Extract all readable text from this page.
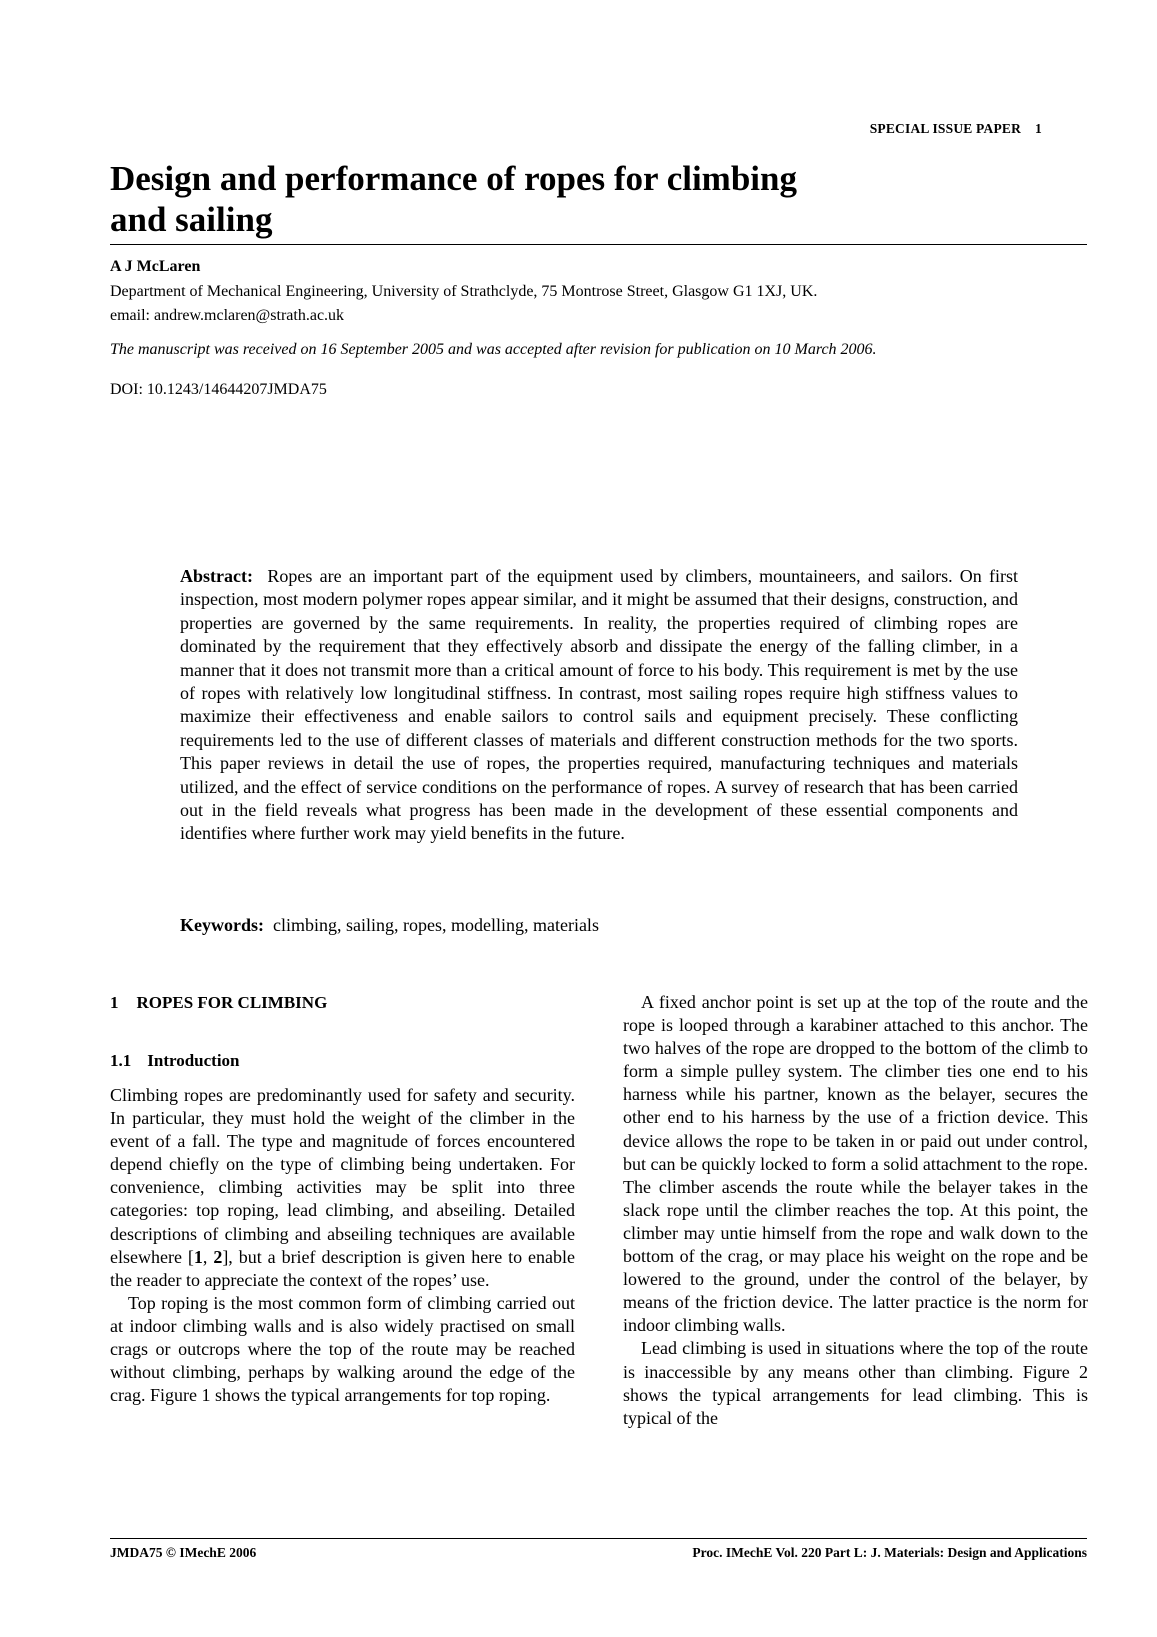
SPECIAL ISSUE PAPER 1
Design and performance of ropes for climbing and sailing
A J McLaren
Department of Mechanical Engineering, University of Strathclyde, 75 Montrose Street, Glasgow G1 1XJ, UK.
email: andrew.mclaren@strath.ac.uk
The manuscript was received on 16 September 2005 and was accepted after revision for publication on 10 March 2006.
DOI: 10.1243/14644207JMDA75

Abstract: Ropes are an important part of the equipment used by climbers, mountaineers, and sailors. On first inspection, most modern polymer ropes appear similar, and it might be assumed that their designs, construction, and properties are governed by the same requirements. In reality, the properties required of climbing ropes are dominated by the requirement that they effectively absorb and dissipate the energy of the falling climber, in a manner that it does not transmit more than a critical amount of force to his body. This requirement is met by the use of ropes with relatively low longitudinal stiffness. In contrast, most sailing ropes require high stiffness values to maximize their effectiveness and enable sailors to control sails and equipment precisely. These conflicting requirements led to the use of different classes of materials and different construction methods for the two sports. This paper reviews in detail the use of ropes, the properties required, manufacturing techniques and materials utilized, and the effect of service conditions on the performance of ropes. A survey of research that has been carried out in the field reveals what progress has been made in the development of these essential components and identifies where further work may yield benefits in the future.

Keywords: climbing, sailing, ropes, modelling, materials
1 ROPES FOR CLIMBING
1.1 Introduction

Climbing ropes are predominantly used for safety and security. In particular, they must hold the weight of the climber in the event of a fall. The type and magnitude of forces encountered depend chiefly on the type of climbing being undertaken. For convenience, climbing activities may be split into three categories: top roping, lead climbing, and abseiling. Detailed descriptions of climbing and abseiling techniques are available elsewhere [1, 2], but a brief description is given here to enable the reader to appreciate the context of the ropes’ use.

Top roping is the most common form of climbing carried out at indoor climbing walls and is also widely practised on small crags or outcrops where the top of the route may be reached without climbing, perhaps by walking around the edge of the crag. Figure 1 shows the typical arrangements for top roping.

A fixed anchor point is set up at the top of the route and the rope is looped through a karabiner attached to this anchor. The two halves of the rope are dropped to the bottom of the climb to form a simple pulley system. The climber ties one end to his harness while his partner, known as the belayer, secures the other end to his harness by the use of a friction device. This device allows the rope to be taken in or paid out under control, but can be quickly locked to form a solid attachment to the rope. The climber ascends the route while the belayer takes in the slack rope until the climber reaches the top. At this point, the climber may untie himself from the rope and walk down to the bottom of the crag, or may place his weight on the rope and be lowered to the ground, under the control of the belayer, by means of the friction device. The latter practice is the norm for indoor climbing walls.

Lead climbing is used in situations where the top of the route is inaccessible by any means other than climbing. Figure 2 shows the typical arrangements for lead climbing. This is typical of the

JMDA75 © IMechE 2006	Proc. IMechE Vol. 220 Part L: J. Materials: Design and Applications
